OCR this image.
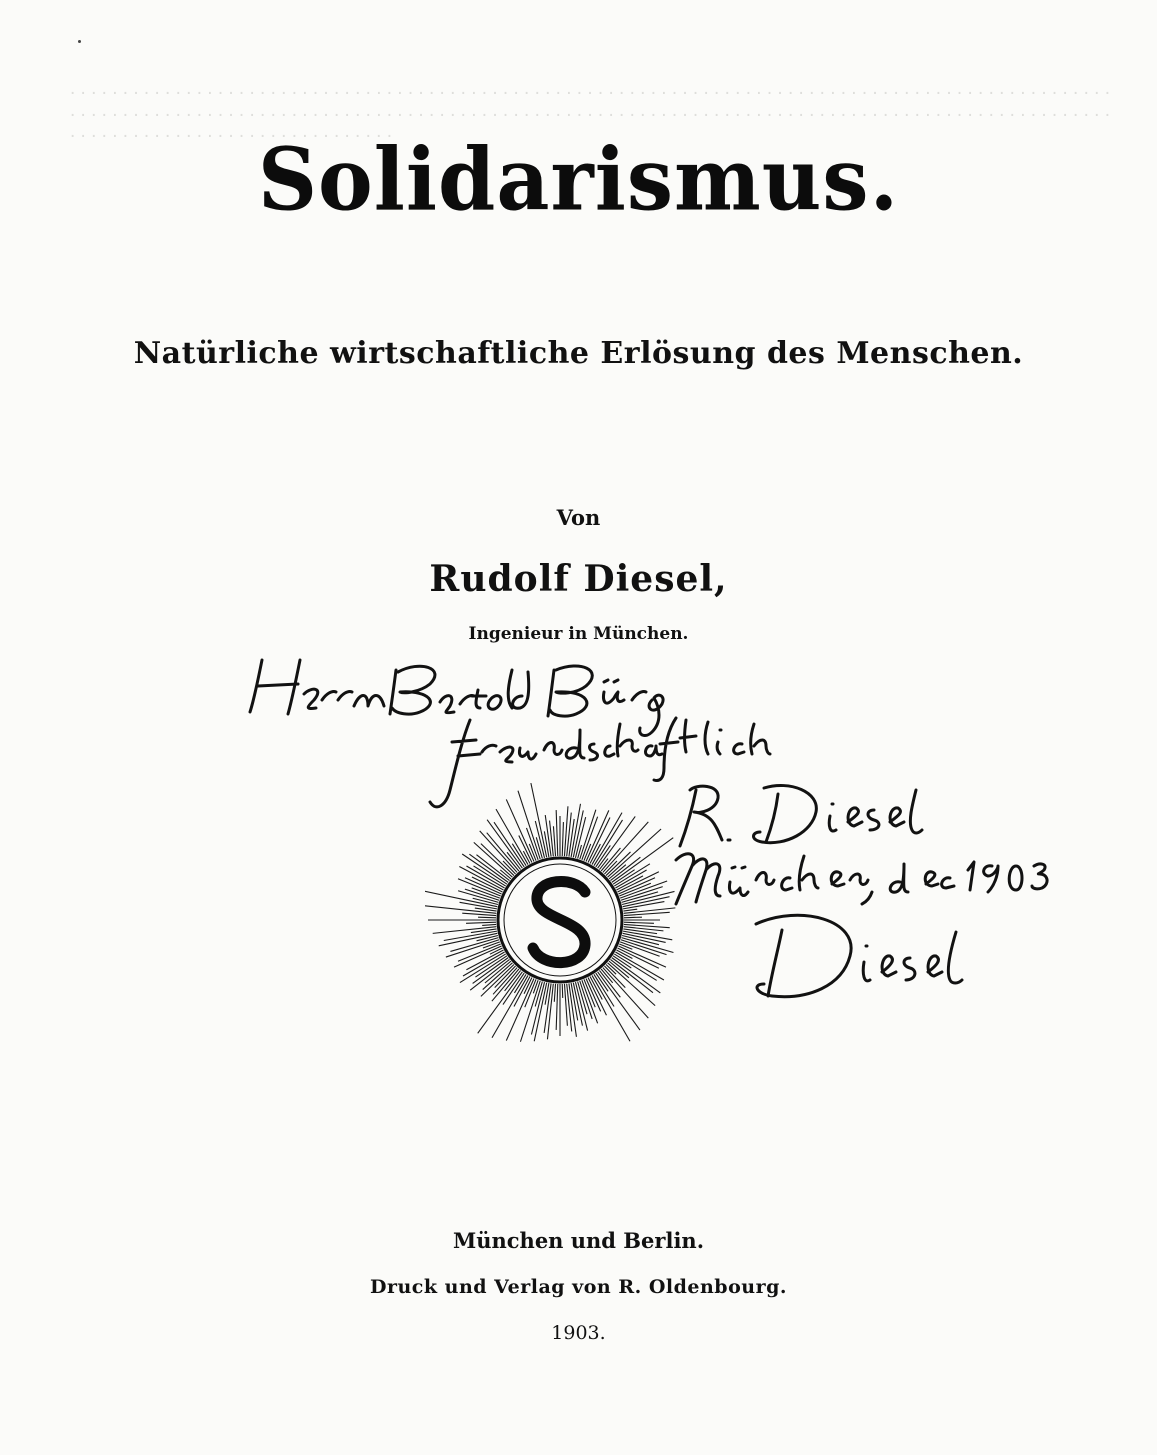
. . . . . . . . . . . . . . . . . . . . . . . . . . . . . . . . . . . . . . . . . . . . . . . . . . . . . . . . . . . . . . . . . . . . . . . . . . . . . . . . . . . . . . . . . . . . . . . . . . . . . . . . . . . . . . . . . . . . . . . . . . . . . . . . . . . . . . . . . . . . . . . . . . . . . . . . . . . . . . . . . . . . . . . . . . . . . . . . . . . . . . . . . . . . . . . . . . . . . . . . . . . . . . . . . . . . . . . . . . . . . . . . . . . . .

Solidarismus.
Natürliche wirtschaftliche Erlösung des Menschen.
Von
Rudolf Diesel,
Ingenieur in München.
München und Berlin.
Druck und Verlag von R. Oldenbourg.
1903.
